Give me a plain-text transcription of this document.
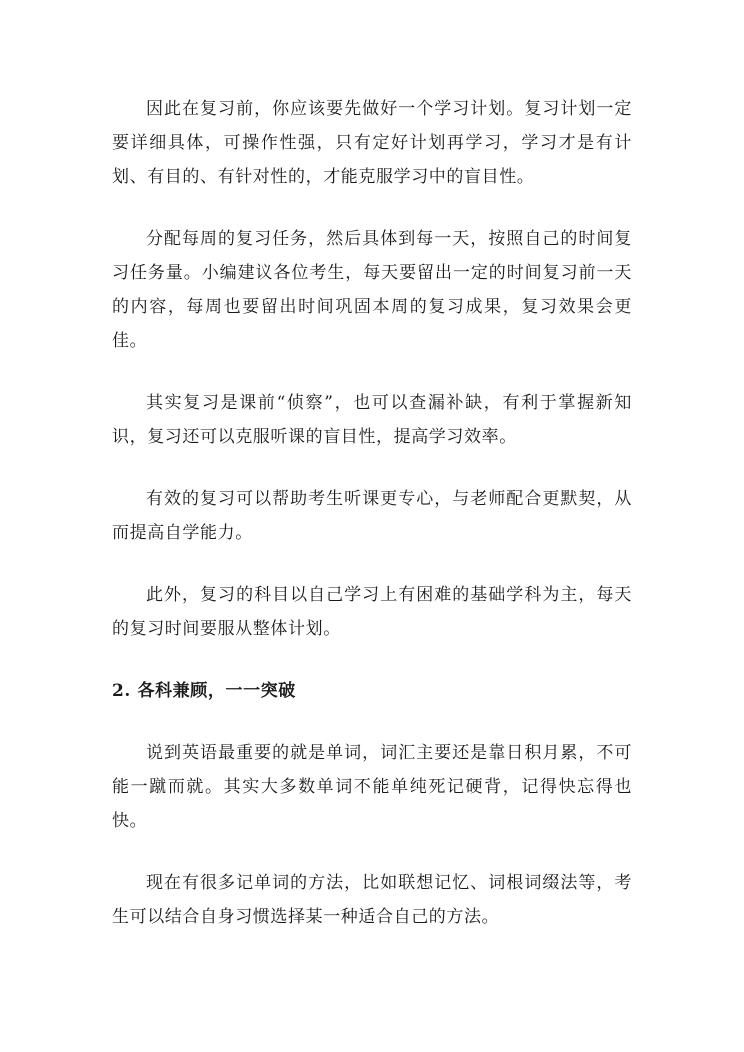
因此在复习前，你应该要先做好一个学习计划。复习计划一定要详细具体，可操作性强，只有定好计划再学习，学习才是有计划、有目的、有针对性的，才能克服学习中的盲目性。

分配每周的复习任务，然后具体到每一天，按照自己的时间复习任务量。小编建议各位考生，每天要留出一定的时间复习前一天的内容，每周也要留出时间巩固本周的复习成果，复习效果会更佳。

其实复习是课前“侦察”，也可以查漏补缺，有利于掌握新知识，复习还可以克服听课的盲目性，提高学习效率。

有效的复习可以帮助考生听课更专心，与老师配合更默契，从而提高自学能力。

此外，复习的科目以自己学习上有困难的基础学科为主，每天的复习时间要服从整体计划。

2. 各科兼顾，一一突破

说到英语最重要的就是单词，词汇主要还是靠日积月累，不可能一蹴而就。其实大多数单词不能单纯死记硬背，记得快忘得也快。

现在有很多记单词的方法，比如联想记忆、词根词缀法等，考生可以结合自身习惯选择某一种适合自己的方法。
